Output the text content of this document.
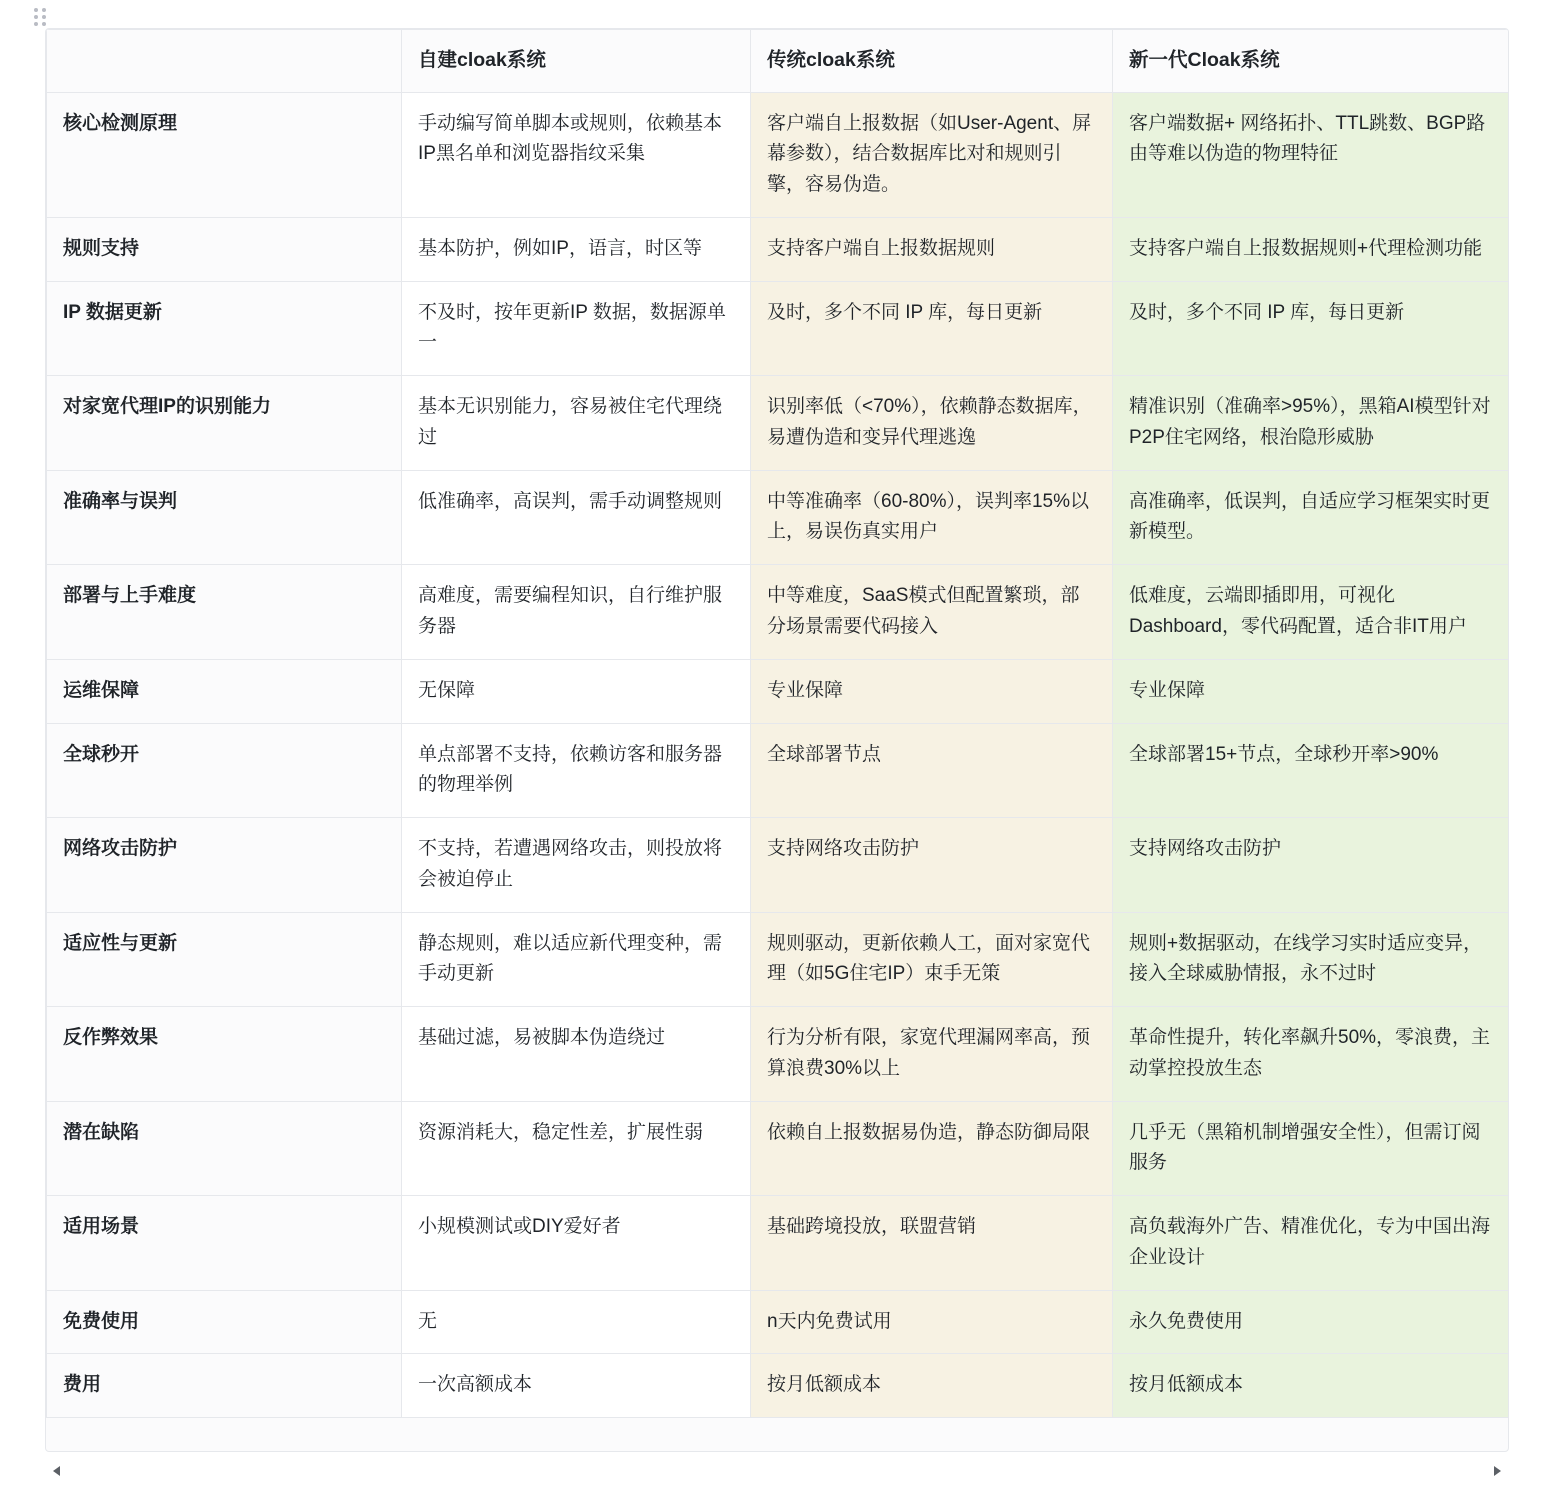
	自建cloak系统	传统cloak系统	新一代Cloak系统
核心检测原理	手动编写简单脚本或规则，依赖基本IP黑名单和浏览器指纹采集	客户端自上报数据（如User-Agent、屏幕参数），结合数据库比对和规则引擎，容易伪造。	客户端数据+ 网络拓扑、TTL跳数、BGP路由等难以伪造的物理特征
规则支持	基本防护，例如IP，语言，时区等	支持客户端自上报数据规则	支持客户端自上报数据规则+代理检测功能
IP 数据更新	不及时，按年更新IP 数据，数据源单一	及时，多个不同 IP 库，每日更新	及时，多个不同 IP 库，每日更新
对家宽代理IP的识别能力	基本无识别能力，容易被住宅代理绕过	识别率低（<70%），依赖静态数据库，易遭伪造和变异代理逃逸	精准识别（准确率>95%），黑箱AI模型针对P2P住宅网络，根治隐形威胁
准确率与误判	低准确率，高误判，需手动调整规则	中等准确率（60-80%），误判率15%以上，易误伤真实用户	高准确率，低误判，自适应学习框架实时更新模型。
部署与上手难度	高难度，需要编程知识，自行维护服务器	中等难度，SaaS模式但配置繁琐，部分场景需要代码接入	低难度，云端即插即用，可视化Dashboard，零代码配置，适合非IT用户
运维保障	无保障	专业保障	专业保障
全球秒开	单点部署不支持，依赖访客和服务器的物理举例	全球部署节点	全球部署15+节点，全球秒开率>90%
网络攻击防护	不支持，若遭遇网络攻击，则投放将会被迫停止	支持网络攻击防护	支持网络攻击防护
适应性与更新	静态规则，难以适应新代理变种，需手动更新	规则驱动，更新依赖人工，面对家宽代理（如5G住宅IP）束手无策	规则+数据驱动，在线学习实时适应变异，接入全球威胁情报，永不过时
反作弊效果	基础过滤，易被脚本伪造绕过	行为分析有限，家宽代理漏网率高，预算浪费30%以上	革命性提升，转化率飙升50%，零浪费，主动掌控投放生态
潜在缺陷	资源消耗大，稳定性差，扩展性弱	依赖自上报数据易伪造，静态防御局限	几乎无（黑箱机制增强安全性），但需订阅服务
适用场景	小规模测试或DIY爱好者	基础跨境投放，联盟营销	高负载海外广告、精准优化，专为中国出海企业设计
免费使用	无	n天内免费试用	永久免费使用
费用	一次高额成本	按月低额成本	按月低额成本
